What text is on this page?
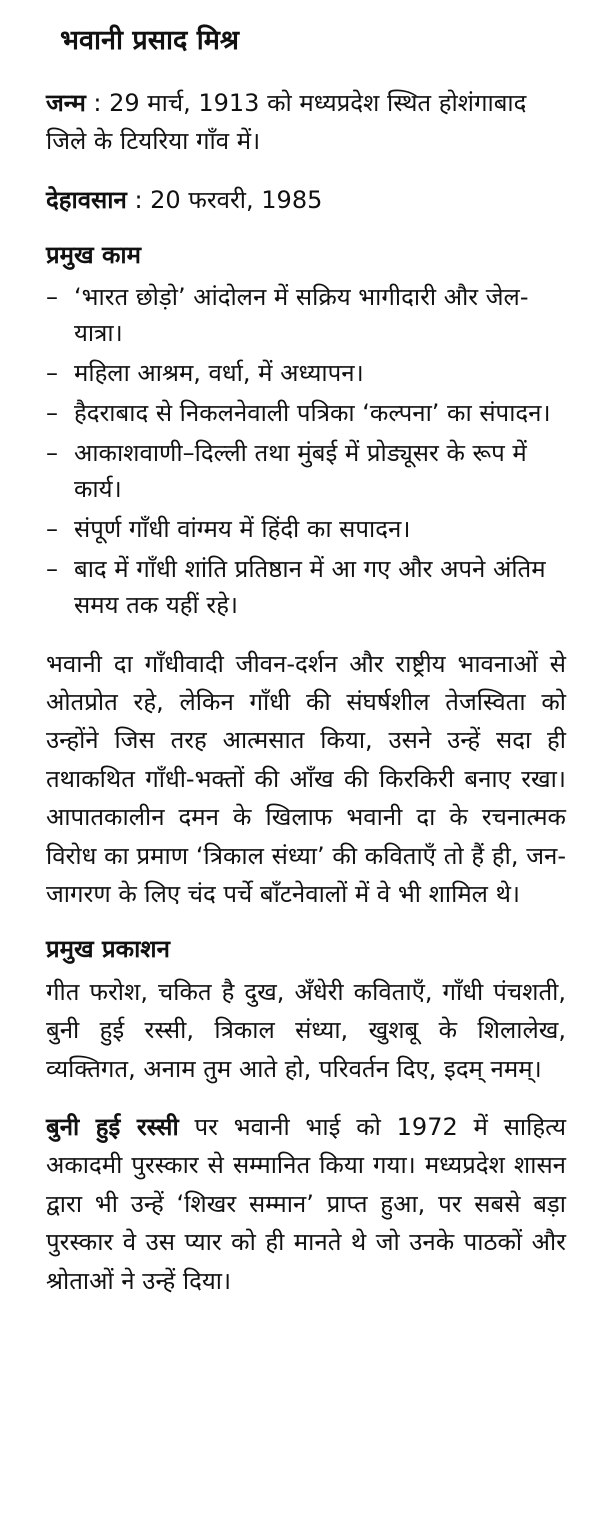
भवानी प्रसाद मिश्र

जन्म : 29 मार्च, 1913 को मध्यप्रदेश स्थित होशंगाबाद जिले के टियरिया गाँव में।

देहावसान : 20 फरवरी, 1985

प्रमुख काम
– ‘भारत छोड़ो’ आंदोलन में सक्रिय भागीदारी और जेल-यात्रा।
– महिला आश्रम, वर्धा, में अध्यापन।
– हैदराबाद से निकलनेवाली पत्रिका ‘कल्पना’ का संपादन।
– आकाशवाणी–दिल्ली तथा मुंबई में प्रोड्यूसर के रूप में कार्य।
– संपूर्ण गाँधी वांग्मय में हिंदी का सपादन।
– बाद में गाँधी शांति प्रतिष्ठान में आ गए और अपने अंतिम समय तक यहीं रहे।

भवानी दा गाँधीवादी जीवन-दर्शन और राष्ट्रीय भावनाओं से ओतप्रोत रहे, लेकिन गाँधी की संघर्षशील तेजस्विता को उन्होंने जिस तरह आत्मसात किया, उसने उन्हें सदा ही तथाकथित गाँधी-भक्तों की आँख की किरकिरी बनाए रखा। आपातकालीन दमन के खिलाफ भवानी दा के रचनात्मक विरोध का प्रमाण ‘त्रिकाल संध्या’ की कविताएँ तो हैं ही, जन-जागरण के लिए चंद पर्चे बाँटनेवालों में वे भी शामिल थे।

प्रमुख प्रकाशन

गीत फरोश, चकित है दुख, अँधेरी कविताएँ, गाँधी पंचशती, बुनी हुई रस्सी, त्रिकाल संध्या, खुशबू के शिलालेख, व्यक्तिगत, अनाम तुम आते हो, परिवर्तन दिए, इदम् नमम्।

बुनी हुई रस्सी पर भवानी भाई को 1972 में साहित्य अकादमी पुरस्कार से सम्मानित किया गया। मध्यप्रदेश शासन द्वारा भी उन्हें ‘शिखर सम्मान’ प्राप्त हुआ, पर सबसे बड़ा पुरस्कार वे उस प्यार को ही मानते थे जो उनके पाठकों और श्रोताओं ने उन्हें दिया।
